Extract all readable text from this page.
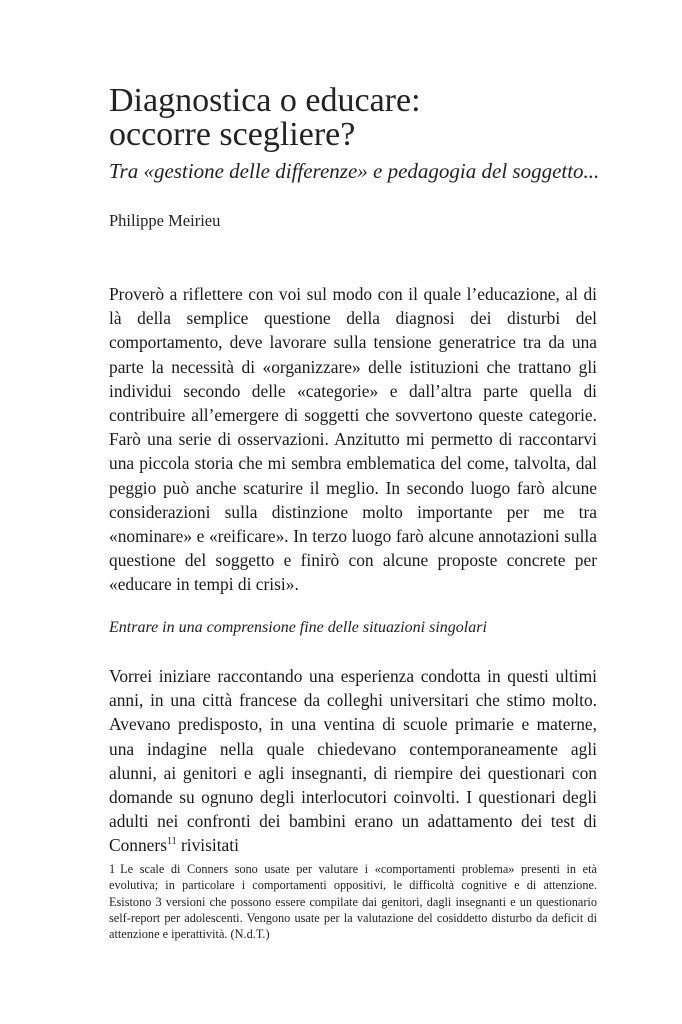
Diagnostica o educare:
occorre scegliere?

Tra «gestione delle differenze» e pedagogia del soggetto...

Philippe Meirieu

Proverò a riflettere con voi sul modo con il quale l’educazione, al di là della semplice questione della diagnosi dei disturbi del comportamento, deve lavorare sulla tensione generatrice tra da una parte la necessità di «organizzare» delle istituzioni che trattano gli individui secondo delle «categorie» e dall’altra parte quella di contribuire all’emergere di soggetti che sovvertono queste categorie. Farò una serie di osservazioni. Anzitutto mi permetto di raccontarvi una piccola storia che mi sembra emblematica del come, talvolta, dal peggio può anche scaturire il meglio. In secondo luogo farò alcune considerazioni sulla distinzione molto importante per me tra «nominare» e «reificare». In terzo luogo farò alcune annotazioni sulla questione del soggetto e finirò con alcune proposte concrete per «educare in tempi di crisi».

Entrare in una comprensione fine delle situazioni singolari

Vorrei iniziare raccontando una esperienza condotta in questi ultimi anni, in una città francese da colleghi universitari che stimo molto. Avevano predisposto, in una ventina di scuole primarie e materne, una indagine nella quale chiedevano contemporaneamente agli alunni, ai genitori e agli insegnanti, di riempire dei questionari con domande su ognuno degli interlocutori coinvolti. I questionari degli adulti nei confronti dei bambini erano un adattamento dei test di Conners$^{11}$ rivisitati

1 Le scale di Conners sono usate per valutare i «comportamenti problema» presenti in età evolutiva; in particolare i comportamenti oppositivi, le difficoltà cognitive e di attenzione. Esistono 3 versioni che possono essere compilate dai genitori, dagli insegnanti e un questionario self-report per adolescenti. Vengono usate per la valutazione del cosiddetto disturbo da deficit di attenzione e iperattività. (N.d.T.)
